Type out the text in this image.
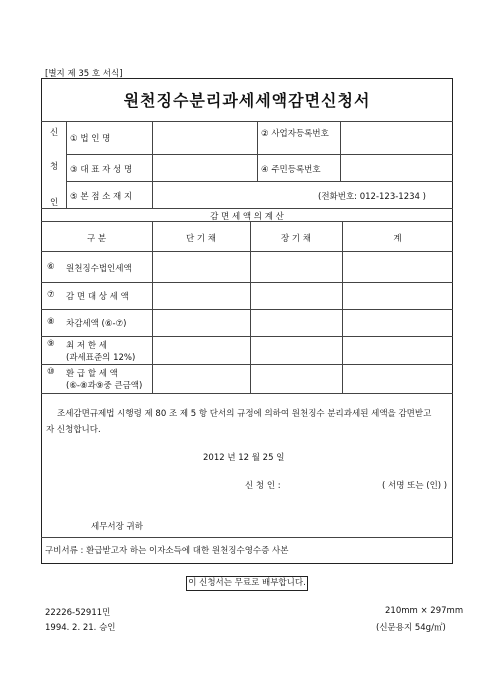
[별지 제 35 호 서식]
원천징수분리과세세액감면신청서
신
청
인
① 법 인 명	② 사업자등록번호
③ 대 표 자 성 명	④ 주민등록번호
⑤ 본 점 소 재 지	(전화번호: 012-123-1234 )
감 면 세 액 의 계 산
구 분	단 기 채	장 기 채	계
⑥ 원천징수법인세액
⑦ 감 면 대 상 세 액
⑧ 차감세액 (⑥-⑦)
⑨ 최 저 한 세
(과세표준의 12%)
⑩ 환 급 할 세 액
(⑥-⑧과⑨중 큰금액)
조세감면규제법 시행령 제 80 조 제 5 항 단서의 규정에 의하여 원천징수 분리과세된 세액을 감면받고
자 신청합니다.
2012 년 12 월 25 일
신 청 인 :	( 서명 또는 (인) )
세무서장 귀하
구비서류 : 환급받고자 하는 이자소득에 대한 원천징수영수증 사본
이 신청서는 무료로 배부합니다.
22226-52911민
1994. 2. 21. 승인
210mm × 297mm
(신문용지 54g/㎡)
